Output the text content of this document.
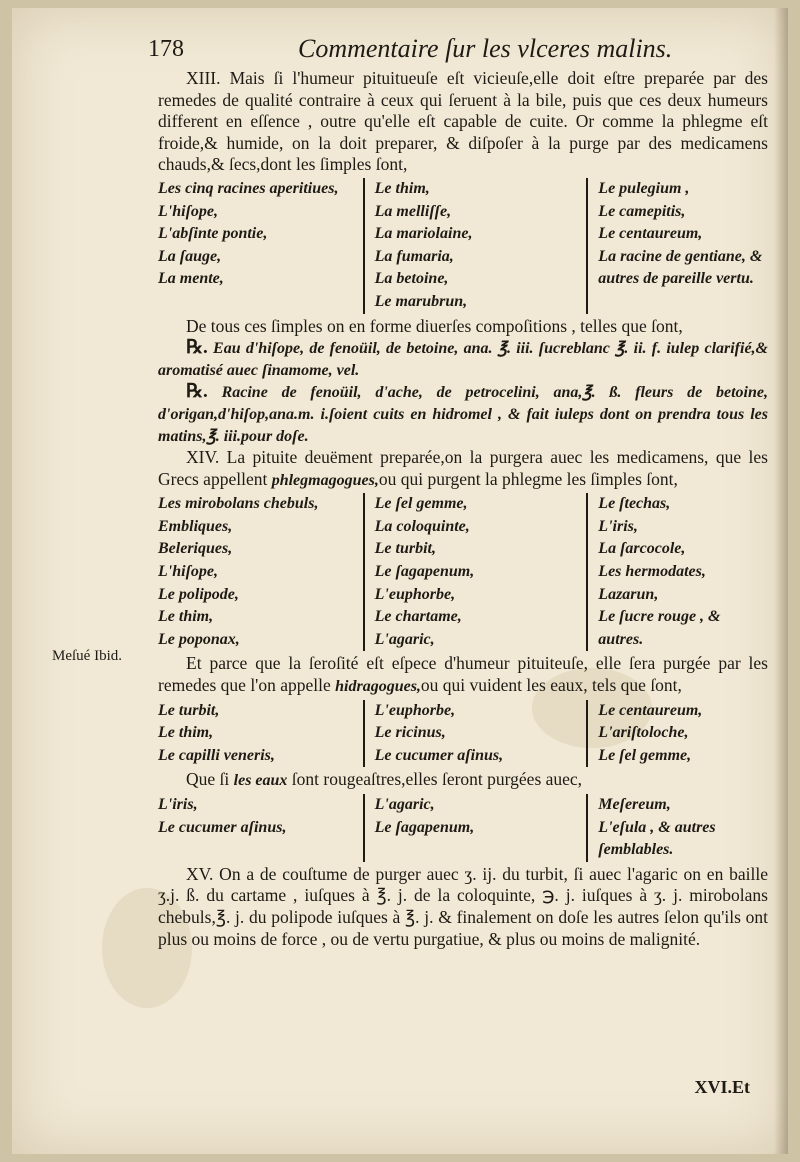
178	Commentaire ſur les vlceres malins.
Meſué Ibid.

XIII. Mais ſi l'humeur pituitueuſe eſt vicieuſe,elle doit eſtre preparée par des remedes de qualité contraire à ceux qui ſeruent à la bile, puis que ces deux humeurs different en eſſence , outre qu'elle eſt capable de cuite. Or comme la phlegme eſt froide,& humide, on la doit preparer, & diſpoſer à la purge par des medicamens chauds,& ſecs,dont les ſimples ſont,

Les cinq racines aperitiues,
L'hiſope,
L'abſinte pontie,
La ſauge,
La mente,
Le thim,
La melliſſe,
La mariolaine,
La fumaria,
La betoine,
Le marubrun,
Le pulegium ,
Le camepitis,
Le centaureum,
La racine de gentiane, & autres de pareille vertu.

De tous ces ſimples on en forme diuerſes compoſitions , telles que ſont,

℞. Eau d'hiſope, de fenoüil, de betoine, ana. ℥. iii. ſucreblanc ℥. ii. f. iulep clarifié,& aromatisé auec ſinamome, vel.

℞. Racine de fenoüil, d'ache, de petrocelini, ana,℥. ß. fleurs de betoine, d'origan,d'hiſop,ana.m. i.ſoient cuits en hidromel , & fait iuleps dont on prendra tous les matins,℥. iii.pour doſe.

XIV. La pituite deuëment preparée,on la purgera auec les medicamens, que les Grecs appellent phlegmagogues,ou qui purgent la phlegme les ſimples ſont,

Les mirobolans chebuls,
Embliques,
Beleriques,
L'hiſope,
Le polipode,
Le thim,
Le poponax,
Le ſel gemme,
La coloquinte,
Le turbit,
Le ſagapenum,
L'euphorbe,
Le chartame,
L'agaric,
Le ſtechas,
L'iris,
La ſarcocole,
Les hermodates,
Lazarun,
Le ſucre rouge , & autres.

Et parce que la ſeroſité eſt eſpece d'humeur pituiteuſe, elle ſera purgée par les remedes que l'on appelle hidragogues,ou qui vuident les eaux, tels que ſont,

Le turbit,
Le thim,
Le capilli veneris,
L'euphorbe,
Le ricinus,
Le cucumer aſinus,
Le centaureum,
L'ariſtoloche,
Le ſel gemme,

Que ſi les eaux ſont rougeaſtres,elles ſeront purgées auec,

L'iris,
Le cucumer aſinus,
L'agaric,
Le ſagapenum,
Meſereum,
L'eſula , & autres ſemblables.

XV. On a de couſtume de purger auec ʒ. ij. du turbit, ſi auec l'agaric on en baille ʒ.j. ß. du cartame , iuſques à ℥. j. de la coloquinte, ℈. j. iuſques à ʒ. j. mirobolans chebuls,℥. j. du polipode iuſques à ℥. j. & finalement on doſe les autres ſelon qu'ils ont plus ou moins de force , ou de vertu purgatiue, & plus ou moins de malignité.

XVI.Et
